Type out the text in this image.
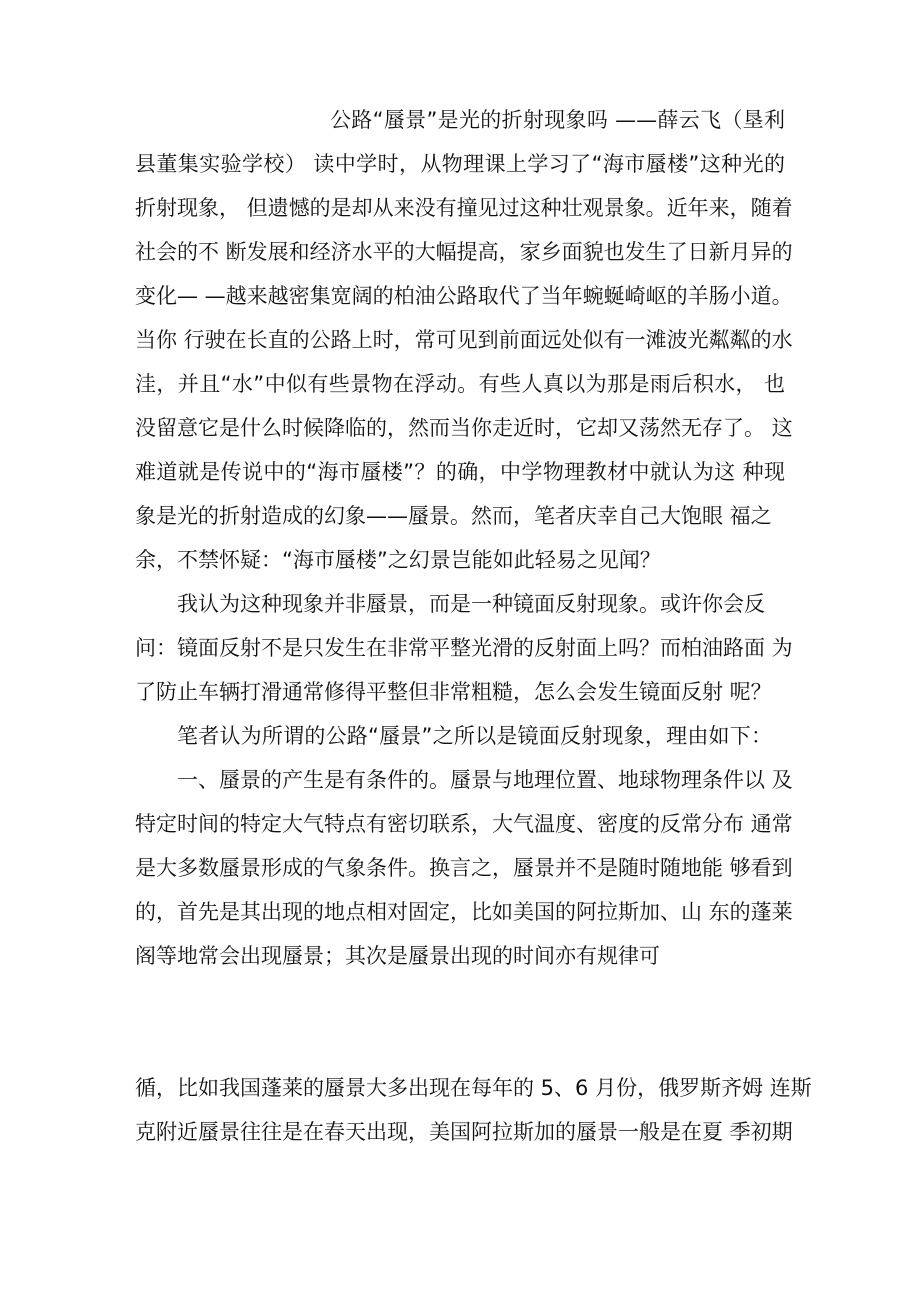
公路“蜃景”是光的折射现象吗 ——薛云飞（垦利
县董集实验学校） 读中学时，从物理课上学习了“海市蜃楼”这种光的
折射现象， 但遗憾的是却从来没有撞见过这种壮观景象。近年来，随着
社会的不 断发展和经济水平的大幅提高，家乡面貌也发生了日新月异的
变化— —越来越密集宽阔的柏油公路取代了当年蜿蜒崎岖的羊肠小道。
当你 行驶在长直的公路上时，常可见到前面远处似有一滩波光粼粼的水
洼，并且“水”中似有些景物在浮动。有些人真以为那是雨后积水， 也
没留意它是什么时候降临的，然而当你走近时，它却又荡然无存了。 这
难道就是传说中的“海市蜃楼”？的确，中学物理教材中就认为这 种现
象是光的折射造成的幻象——蜃景。然而，笔者庆幸自己大饱眼 福之
余，不禁怀疑：“海市蜃楼”之幻景岂能如此轻易之见闻？
我认为这种现象并非蜃景，而是一种镜面反射现象。或许你会反
问：镜面反射不是只发生在非常平整光滑的反射面上吗？而柏油路面 为
了防止车辆打滑通常修得平整但非常粗糙，怎么会发生镜面反射 呢？
笔者认为所谓的公路“蜃景”之所以是镜面反射现象，理由如下：
一、蜃景的产生是有条件的。蜃景与地理位置、地球物理条件以 及
特定时间的特定大气特点有密切联系，大气温度、密度的反常分布 通常
是大多数蜃景形成的气象条件。换言之，蜃景并不是随时随地能 够看到
的，首先是其出现的地点相对固定，比如美国的阿拉斯加、山 东的蓬莱
阁等地常会出现蜃景；其次是蜃景出现的时间亦有规律可
循，比如我国蓬莱的蜃景大多出现在每年的 5、6 月份，俄罗斯齐姆 连斯
克附近蜃景往往是在春天出现，美国阿拉斯加的蜃景一般是在夏 季初期
